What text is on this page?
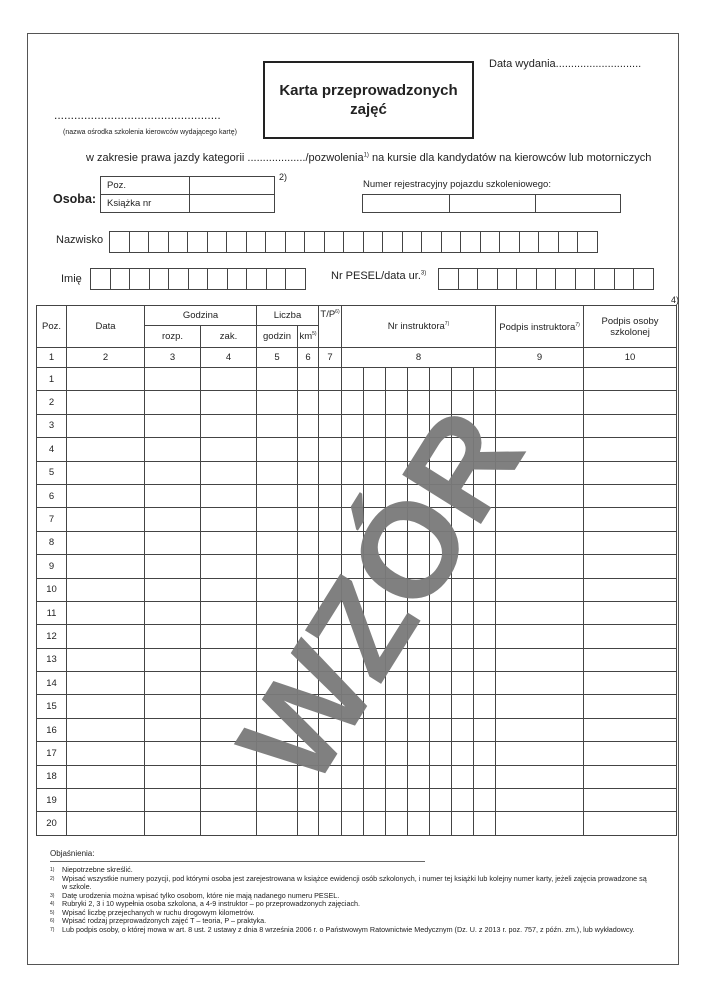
Data wydania............................
Karta przeprowadzonych zajęć
..................................................
(nazwa ośrodka szkolenia kierowców wydającego kartę)
w zakresie prawa jazdy kategorii .................../pozwolenia$^{1)}$ na kursie dla kandydatów na kierowców lub motorniczych
Osoba:
Poz.
Książka nr
2)
Numer rejestracyjny pojazdu szkoleniowego:
Nazwisko
Imię	Nr PESEL/data ur.$^{3)}$
4)
Poz.	Data	Godzina		Liczba		$T/P^{6)}$	Nr instruktora$^{7)}$							Podpis instruktora$^{7)}$	Podpis osoby szkolonej
		rozp.	zak.	godzin	$km^{5)}$
1	2	3	4	5	6	7	8							9	10
1															
2															
3															
4															
5															
6															
7															
8															
9															
10															
11															
12															
13															
14															
15															
16															
17															
18															
19															
20															
Objaśnienia:
1)	Niepotrzebne skreślić.
2)	Wpisać wszystkie numery pozycji, pod którymi osoba jest zarejestrowana w książce ewidencji osób szkolonych, i numer tej książki lub kolejny numer karty, jeżeli zajęcia prowadzone są w szkole.
3)	Datę urodzenia można wpisać tylko osobom, które nie mają nadanego numeru PESEL.
4)	Rubryki 2, 3 i 10 wypełnia osoba szkolona, a 4-9 instruktor – po przeprowadzonych zajęciach.
5)	Wpisać liczbę przejechanych w ruchu drogowym kilometrów.
6)	Wpisać rodzaj przeprowadzonych zajęć T – teoria, P – praktyka.
7)	Lub podpis osoby, o której mowa w art. 8 ust. 2 ustawy z dnia 8 września 2006 r. o Państwowym Ratownictwie Medycznym (Dz. U. z 2013 r. poz. 757, z późn. zm.), lub wykładowcy.
WZÓR
